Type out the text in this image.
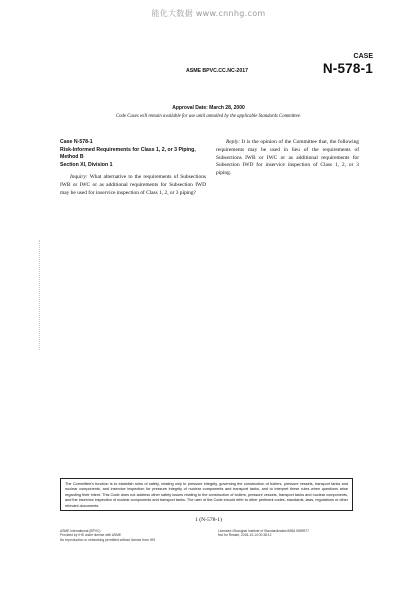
能化大数据 www.cnnhg.com
ASME BPVC.CC.NC-2017
CASE
N-578-1
Approval Date: March 28, 2000
Code Cases will remain available for use until annulled by the applicable Standards Committee.
Case N-578-1
Risk-Informed Requirements for Class 1, 2, or 3 Piping,
Method B
Section XI, Division 1
Inquiry: What alternative to the requirements of Subsections IWB or IWC or as additional requirements for Subsection IWD may be used for inservice inspection of Class 1, 2, or 3 piping?
Reply: It is the opinion of the Committee that, the following requirements may be used in lieu of the requirements of Subsections IWB or IWC or as additional requirements for Subsection IWD for inservice inspection of Class 1, 2, or 3 piping.
The Committee’s function is to establish rules of safety, relating only to pressure integrity, governing the construction of boilers, pressure vessels, transport tanks and nuclear components, and inservice inspection for pressure integrity of nuclear components and transport tanks, and to interpret these rules when questions arise regarding their intent. This Code does not address other safety issues relating to the construction of boilers, pressure vessels, transport tanks and nuclear components, and the inservice inspection of nuclear components and transport tanks. The user of the Code should refer to other pertinent codes, standards, laws, regulations or other relevant documents.
1 (N-578-1)
ASME International (BPVC)
Provided by IHS under license with ASME
No reproduction or networking permitted without license from IHS
Licensee=Shanghai Institute of Standardization/5964 5559977
Not for Resale, 2018-13-14 00:38:12
